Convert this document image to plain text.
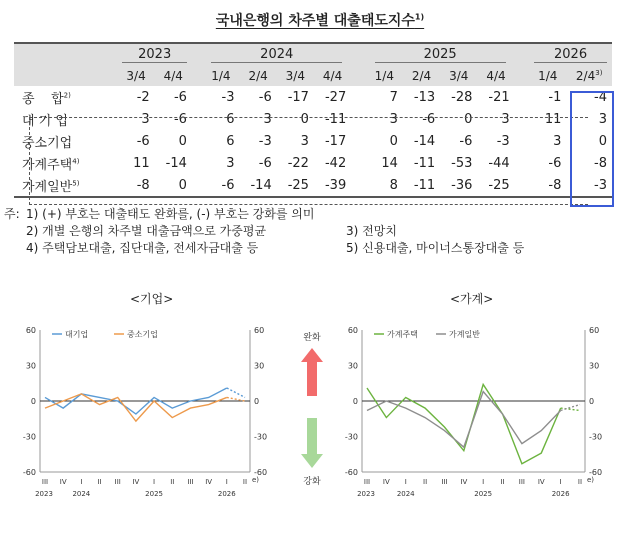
국내은행의 차주별 대출태도지수$^{1)}$
	2023			2024					2025					2026	
	3/4	4/4		1/4	2/4	3/4	4/4		1/4	2/4	3/4	4/4		1/4	2/4$^{3)}$
종    합$^{2)}$	-2	-6		-3	-6	-17	-27		7	-13	-28	-21		-1	-4
대 기 업	3	-6		6	3	0	-11		3	-6	0	3		11	3
중소기업	-6	0		6	-3	3	-17		0	-14	-6	-3		3	0
가계주택$^{4)}$	11	-14		3	-6	-22	-42		14	-11	-53	-44		-6	-8
가계일반$^{5)}$	-8	0		-6	-14	-25	-39		8	-11	-36	-25		-8	-3
주: 1) (+) 부호는 대출태도 완화를, (-) 부호는 강화를 의미
2) 개별 은행의 차주별 대출금액으로 가중평균	3) 전망치
4) 주택담보대출, 집단대출, 전세자금대출 등	5) 신용대출, 마이너스통장대출 등
<기업>	<가계>
60	60
30	30
0	0
-30	-30
-60	-60
III IV I II III IV I II III IV I II e)
2023	2024	2025	2026
대기업	중소기업	60	60
30	30
0	0
-30	-30
-60	-60
III IV I II III IV I II III IV I II e)
2023	2024	2025	2026
가계주택	가계일반
완화
강화
